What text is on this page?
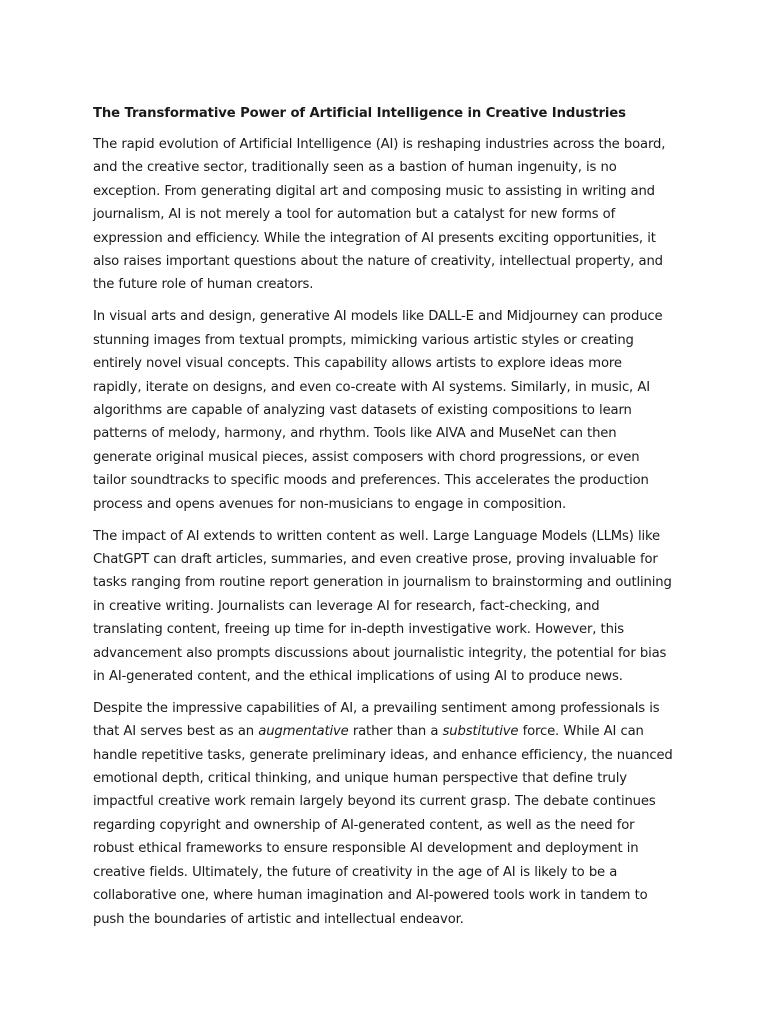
The Transformative Power of Artificial Intelligence in Creative Industries

The rapid evolution of Artificial Intelligence (AI) is reshaping industries across the board, and the creative sector, traditionally seen as a bastion of human ingenuity, is no exception. From generating digital art and composing music to assisting in writing and journalism, AI is not merely a tool for automation but a catalyst for new forms of expression and efficiency. While the integration of AI presents exciting opportunities, it also raises important questions about the nature of creativity, intellectual property, and the future role of human creators.

In visual arts and design, generative AI models like DALL-E and Midjourney can produce stunning images from textual prompts, mimicking various artistic styles or creating entirely novel visual concepts. This capability allows artists to explore ideas more rapidly, iterate on designs, and even co-create with AI systems. Similarly, in music, AI algorithms are capable of analyzing vast datasets of existing compositions to learn patterns of melody, harmony, and rhythm. Tools like AIVA and MuseNet can then generate original musical pieces, assist composers with chord progressions, or even tailor soundtracks to specific moods and preferences. This accelerates the production process and opens avenues for non-musicians to engage in composition.

The impact of AI extends to written content as well. Large Language Models (LLMs) like ChatGPT can draft articles, summaries, and even creative prose, proving invaluable for tasks ranging from routine report generation in journalism to brainstorming and outlining in creative writing. Journalists can leverage AI for research, fact-checking, and translating content, freeing up time for in-depth investigative work. However, this advancement also prompts discussions about journalistic integrity, the potential for bias in AI-generated content, and the ethical implications of using AI to produce news.

Despite the impressive capabilities of AI, a prevailing sentiment among professionals is that AI serves best as an augmentative rather than a substitutive force. While AI can handle repetitive tasks, generate preliminary ideas, and enhance efficiency, the nuanced emotional depth, critical thinking, and unique human perspective that define truly impactful creative work remain largely beyond its current grasp. The debate continues regarding copyright and ownership of AI-generated content, as well as the need for robust ethical frameworks to ensure responsible AI development and deployment in creative fields. Ultimately, the future of creativity in the age of AI is likely to be a collaborative one, where human imagination and AI-powered tools work in tandem to push the boundaries of artistic and intellectual endeavor.
